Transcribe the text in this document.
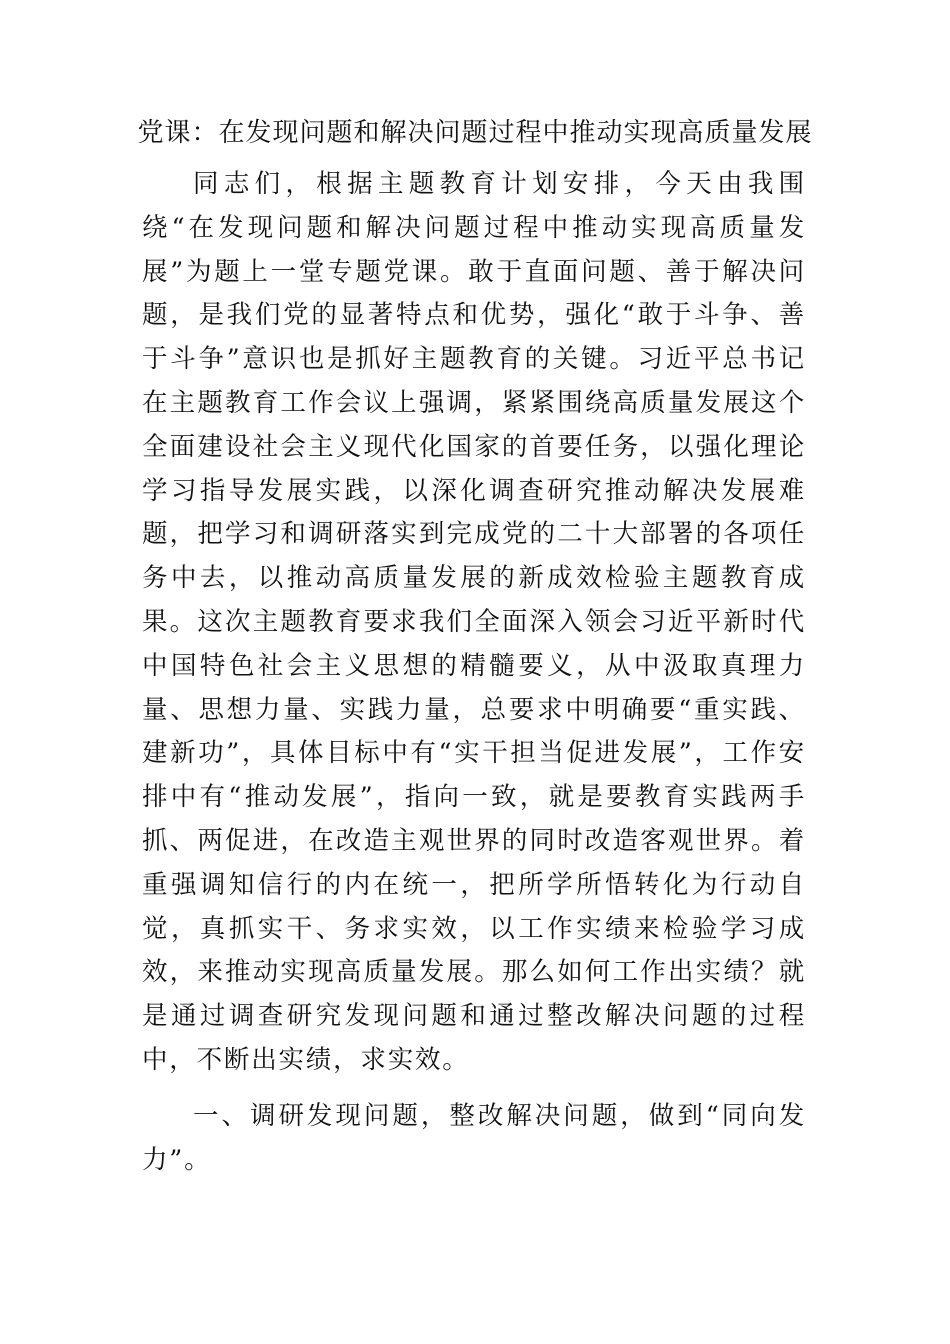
党课：在发现问题和解决问题过程中推动实现高质量发展

同志们，根据主题教育计划安排，今天由我围绕“在发现问题和解决问题过程中推动实现高质量发展”为题上一堂专题党课。敢于直面问题、善于解决问题，是我们党的显著特点和优势，强化“敢于斗争、善于斗争”意识也是抓好主题教育的关键。习近平总书记在主题教育工作会议上强调，紧紧围绕高质量发展这个全面建设社会主义现代化国家的首要任务，以强化理论学习指导发展实践，以深化调查研究推动解决发展难题，把学习和调研落实到完成党的二十大部署的各项任务中去，以推动高质量发展的新成效检验主题教育成果。这次主题教育要求我们全面深入领会习近平新时代中国特色社会主义思想的精髓要义，从中汲取真理力量、思想力量、实践力量，总要求中明确要“重实践、建新功”，具体目标中有“实干担当促进发展”，工作安排中有“推动发展”，指向一致，就是要教育实践两手抓、两促进，在改造主观世界的同时改造客观世界。着重强调知信行的内在统一，把所学所悟转化为行动自觉，真抓实干、务求实效，以工作实绩来检验学习成效，来推动实现高质量发展。那么如何工作出实绩？就是通过调查研究发现问题和通过整改解决问题的过程中，不断出实绩，求实效。

一、调研发现问题，整改解决问题，做到“同向发力”。
